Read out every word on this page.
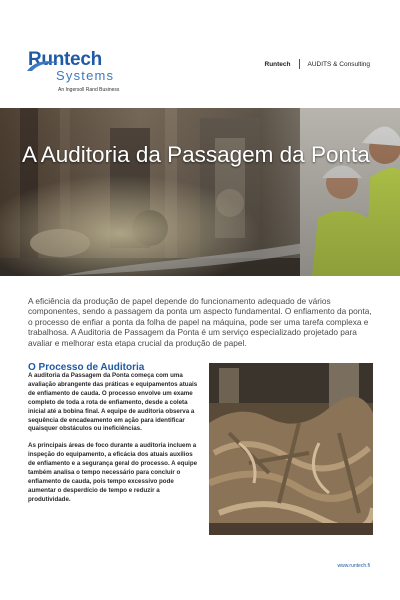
Runtech
Systems
An Ingersoll Rand Business
Runtech	AUDITS & Consulting
A Auditoria da Passagem da Ponta

A eficiência da produção de papel depende do funcionamento adequado de vários componentes, sendo a passagem da ponta um aspecto fundamental. O enfiamento da ponta, o processo de enfiar a ponta da folha de papel na máquina, pode ser uma tarefa complexa e trabalhosa. A Auditoria de Passagem da Ponta é um serviço especializado projetado para avaliar e melhorar esta etapa crucial da produção de papel.

O Processo de Auditoria

A auditoria da Passagem da Ponta começa com uma avaliação abrangente das práticas e equipamentos atuais de enfiamento de cauda. O processo envolve um exame completo de toda a rota de enfiamento, desde a coleta inicial até a bobina final. A equipe de auditoria observa a sequência de encadeamento em ação para identificar quaisquer obstáculos ou ineficiências.

As principais áreas de foco durante a auditoria incluem a inspeção do equipamento, a eficácia dos atuais auxílios de enfiamento e a segurança geral do processo. A equipe também analisa o tempo necessário para concluir o enfiamento de cauda, pois tempo excessivo pode aumentar o desperdício de tempo e reduzir a produtividade.

www.runtech.fi
